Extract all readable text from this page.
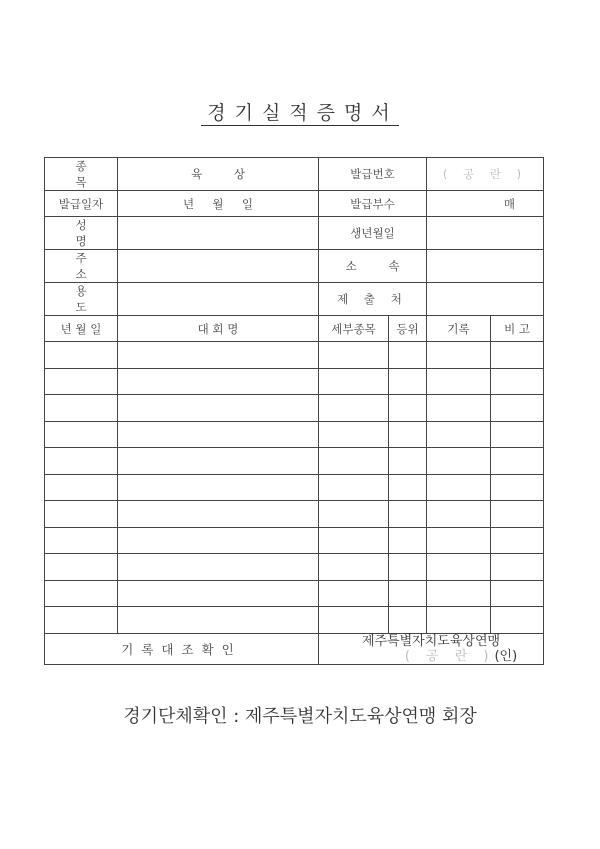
경기실적증명서
종 목	육 상	발급번호		( 공 란 )	
발급일자	년     월     일	발급부수		매	
성 명		생년월일			
주 소		소 속			
용 도		제 출 처			
년 월 일	대 회 명	세부종목	등위	기록	비 고

기록대조확인		제주특별자치도육상연맹
( 공 란 )(인)			
경기단체확인 : 제주특별자치도육상연맹 회장
